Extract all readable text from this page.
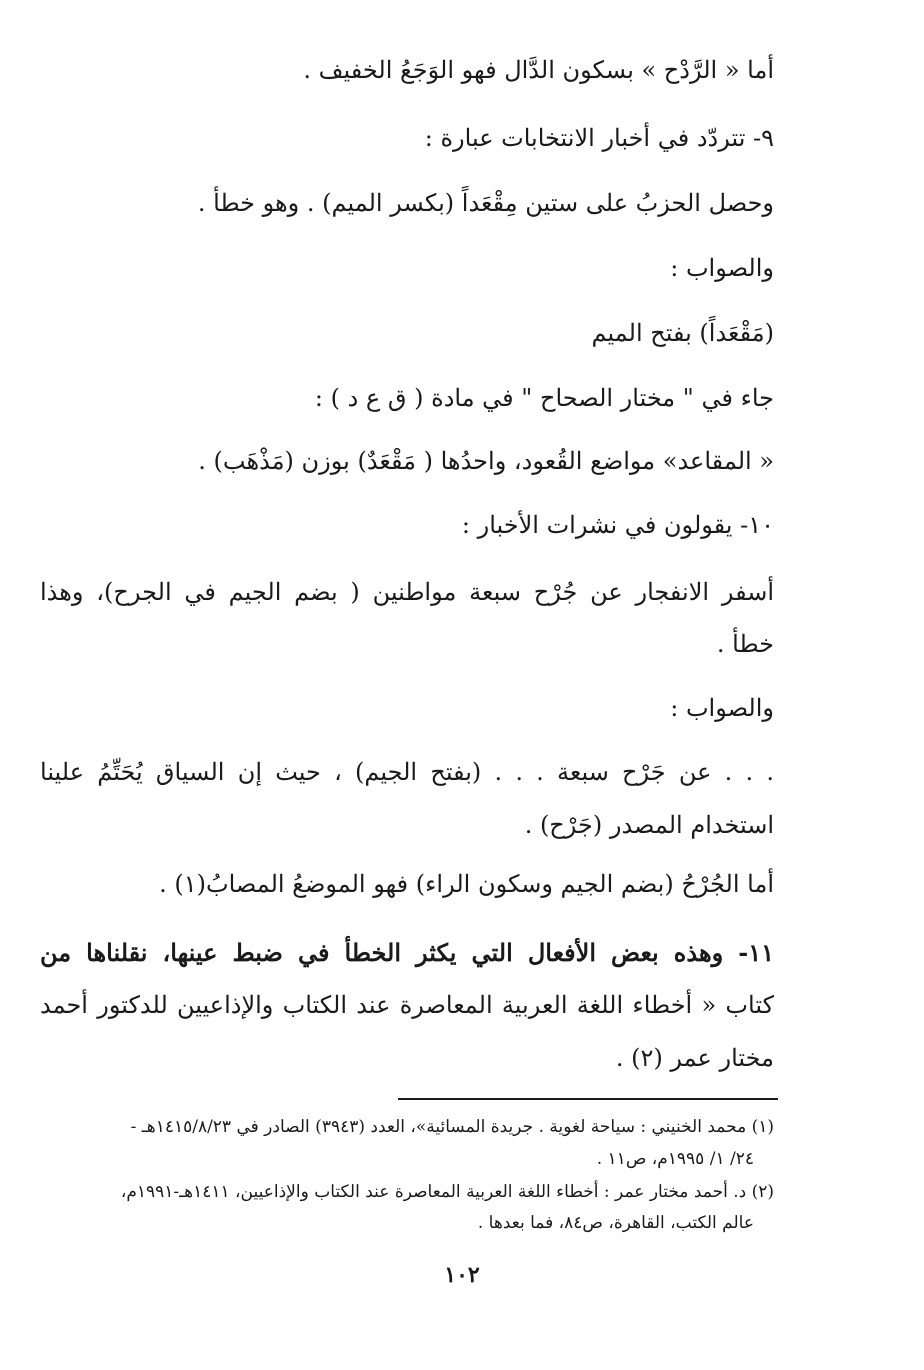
أما « الرَّدْح » بسكون الدَّال فهو الوَجَعُ الخفيف .
٩- تتردّد في أخبار الانتخابات عبارة :
وحصل الحزبُ على ستين مِقْعَداً (بكسر الميم) . وهو خطأ .
والصواب :
(مَقْعَداً) بفتح الميم
جاء في " مختار الصحاح " في مادة ( ق ع د ) :
« المقاعد» مواضع القُعود، واحدُها ( مَقْعَدٌ) بوزن (مَذْهَب) .
١٠- يقولون في نشرات الأخبار :
أسفر الانفجار عن جُرْح سبعة مواطنين ( بضم الجيم في الجرح)، وهذا
خطأ .
والصواب :
. . . عن جَرْح سبعة . . . (بفتح الجيم) ، حيث إن السياق يُحَتِّمُ علينا
استخدام المصدر (جَرْح) .
أما الجُرْحُ (بضم الجيم وسكون الراء) فهو الموضعُ المصابُ(١) .
١١- وهذه بعض الأفعال التي يكثر الخطأ في ضبط عينها، نقلناها من
كتاب « أخطاء اللغة العربية المعاصرة عند الكتاب والإذاعيين للدكتور أحمد
مختار عمر (٢) .
(١) محمد الخنيني : سياحة لغوية . جريدة المسائية»، العدد (٣٩٤٣) الصادر في ١٤١٥/٨/٢٣هـ -
٢٤/ ١/ ١٩٩٥م، ص١١ .
(٢) د. أحمد مختار عمر : أخطاء اللغة العربية المعاصرة عند الكتاب والإذاعيين، ١٤١١هـ-١٩٩١م،
عالم الكتب، القاهرة، ص٨٤، فما بعدها .
١٠٢
